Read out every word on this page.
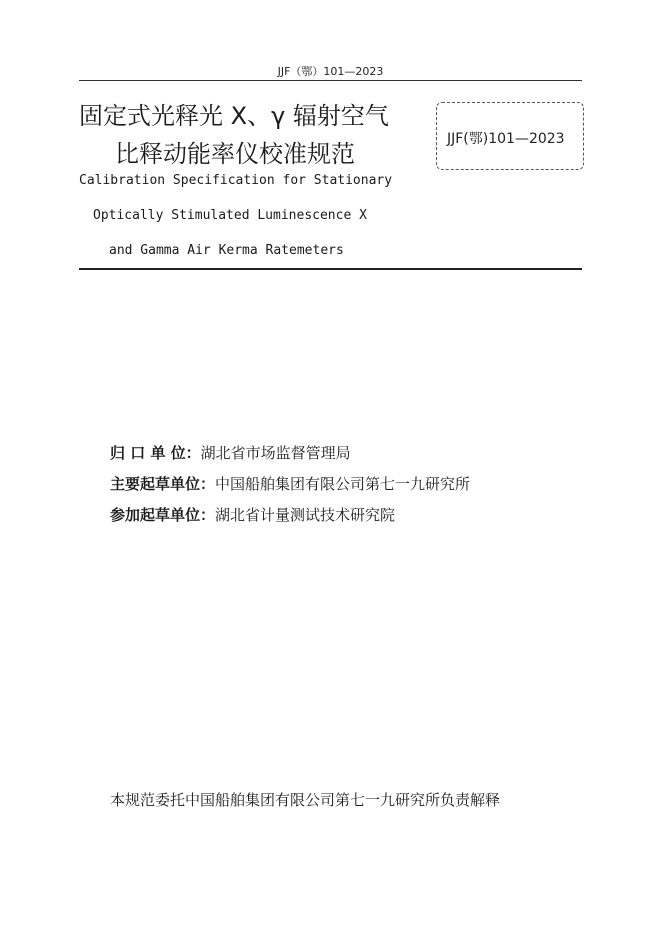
JJF（鄂）101—2023
固定式光释光 X、γ 辐射空气
比释动能率仪校准规范
JJF(鄂)101—2023
Calibration Specification for Stationary
Optically Stimulated Luminescence X
and Gamma Air Kerma Ratemeters
归 口 单 位：湖北省市场监督管理局
主要起草单位：中国船舶集团有限公司第七一九研究所
参加起草单位：湖北省计量测试技术研究院
本规范委托中国船舶集团有限公司第七一九研究所负责解释
